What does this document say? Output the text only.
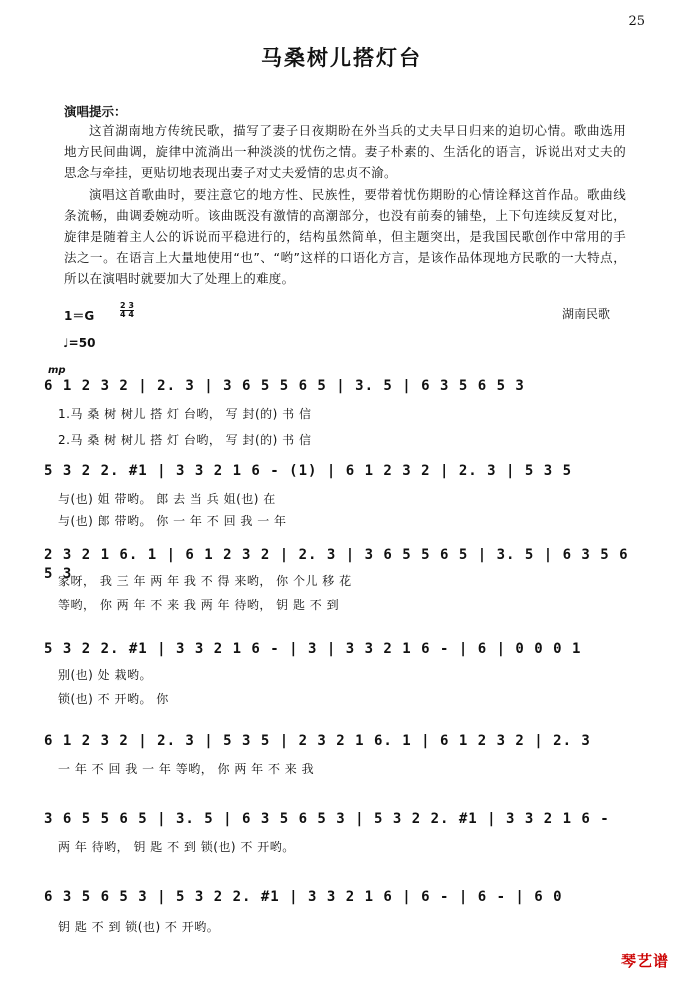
25
马桑树儿搭灯台
演唱提示：
这首湖南地方传统民歌，描写了妻子日夜期盼在外当兵的丈夫早日归来的迫切心情。歌曲选用地方民间曲调，旋律中流淌出一种淡淡的忧伤之情。妻子朴素的、生活化的语言，诉说出对丈夫的思念与牵挂，更贴切地表现出妻子对丈夫爱情的忠贞不渝。
演唱这首歌曲时，要注意它的地方性、民族性，要带着忧伤期盼的心情诠释这首作品。歌曲线条流畅，曲调委婉动听。该曲既没有激情的高潮部分，也没有前奏的铺垫，上下句连续反复对比，旋律是随着主人公的诉说而平稳进行的，结构虽然简单，但主题突出，是我国民歌创作中常用的手法之一。在语言上大量地使用“也”、“哟”这样的口语化方言，是该作品体现地方民歌的一大特点，所以在演唱时就要加大了处理上的难度。
1＝G
2 3
4 4	湖南民歌
♩=50
mp
6 1 2 3 2 | 2. 3 | 3 6 5 5 6 5 | 3. 5 | 6 3 5 6 5 3
1.马 桑 树 树儿 搭 灯 台哟， 写 封(的) 书 信
2.马 桑 树 树儿 搭 灯 台哟， 写 封(的) 书 信
5 3 2 2. #1 | 3 3 2 1 6 - (1) | 6 1 2 3 2 | 2. 3 | 5 3 5
与(也) 姐 带哟。 郎 去 当 兵 姐(也) 在
与(也) 郎 带哟。 你 一 年 不 回 我 一 年
2 3 2 1 6. 1 | 6 1 2 3 2 | 2. 3 | 3 6 5 5 6 5 | 3. 5 | 6 3 5 6 5 3
家呀， 我 三 年 两 年 我 不 得 来哟， 你 个儿 移 花
等哟， 你 两 年 不 来 我 两 年 待哟， 钥 匙 不 到
5 3 2 2. #1 | 3 3 2 1 6 - | 3 | 3 3 2 1 6 - | 6 | 0 0 0 1
别(也) 处 栽哟。
锁(也) 不 开哟。 你
6 1 2 3 2 | 2. 3 | 5 3 5 | 2 3 2 1 6. 1 | 6 1 2 3 2 | 2. 3
一 年 不 回 我 一 年 等哟， 你 两 年 不 来 我
3 6 5 5 6 5 | 3. 5 | 6 3 5 6 5 3 | 5 3 2 2. #1 | 3 3 2 1 6 -
两 年 待哟， 钥 匙 不 到 锁(也) 不 开哟。
6 3 5 6 5 3 | 5 3 2 2. #1 | 3 3 2 1 6 | 6 - | 6 - | 6 0
钥 匙 不 到 锁(也) 不 开哟。
琴艺谱
